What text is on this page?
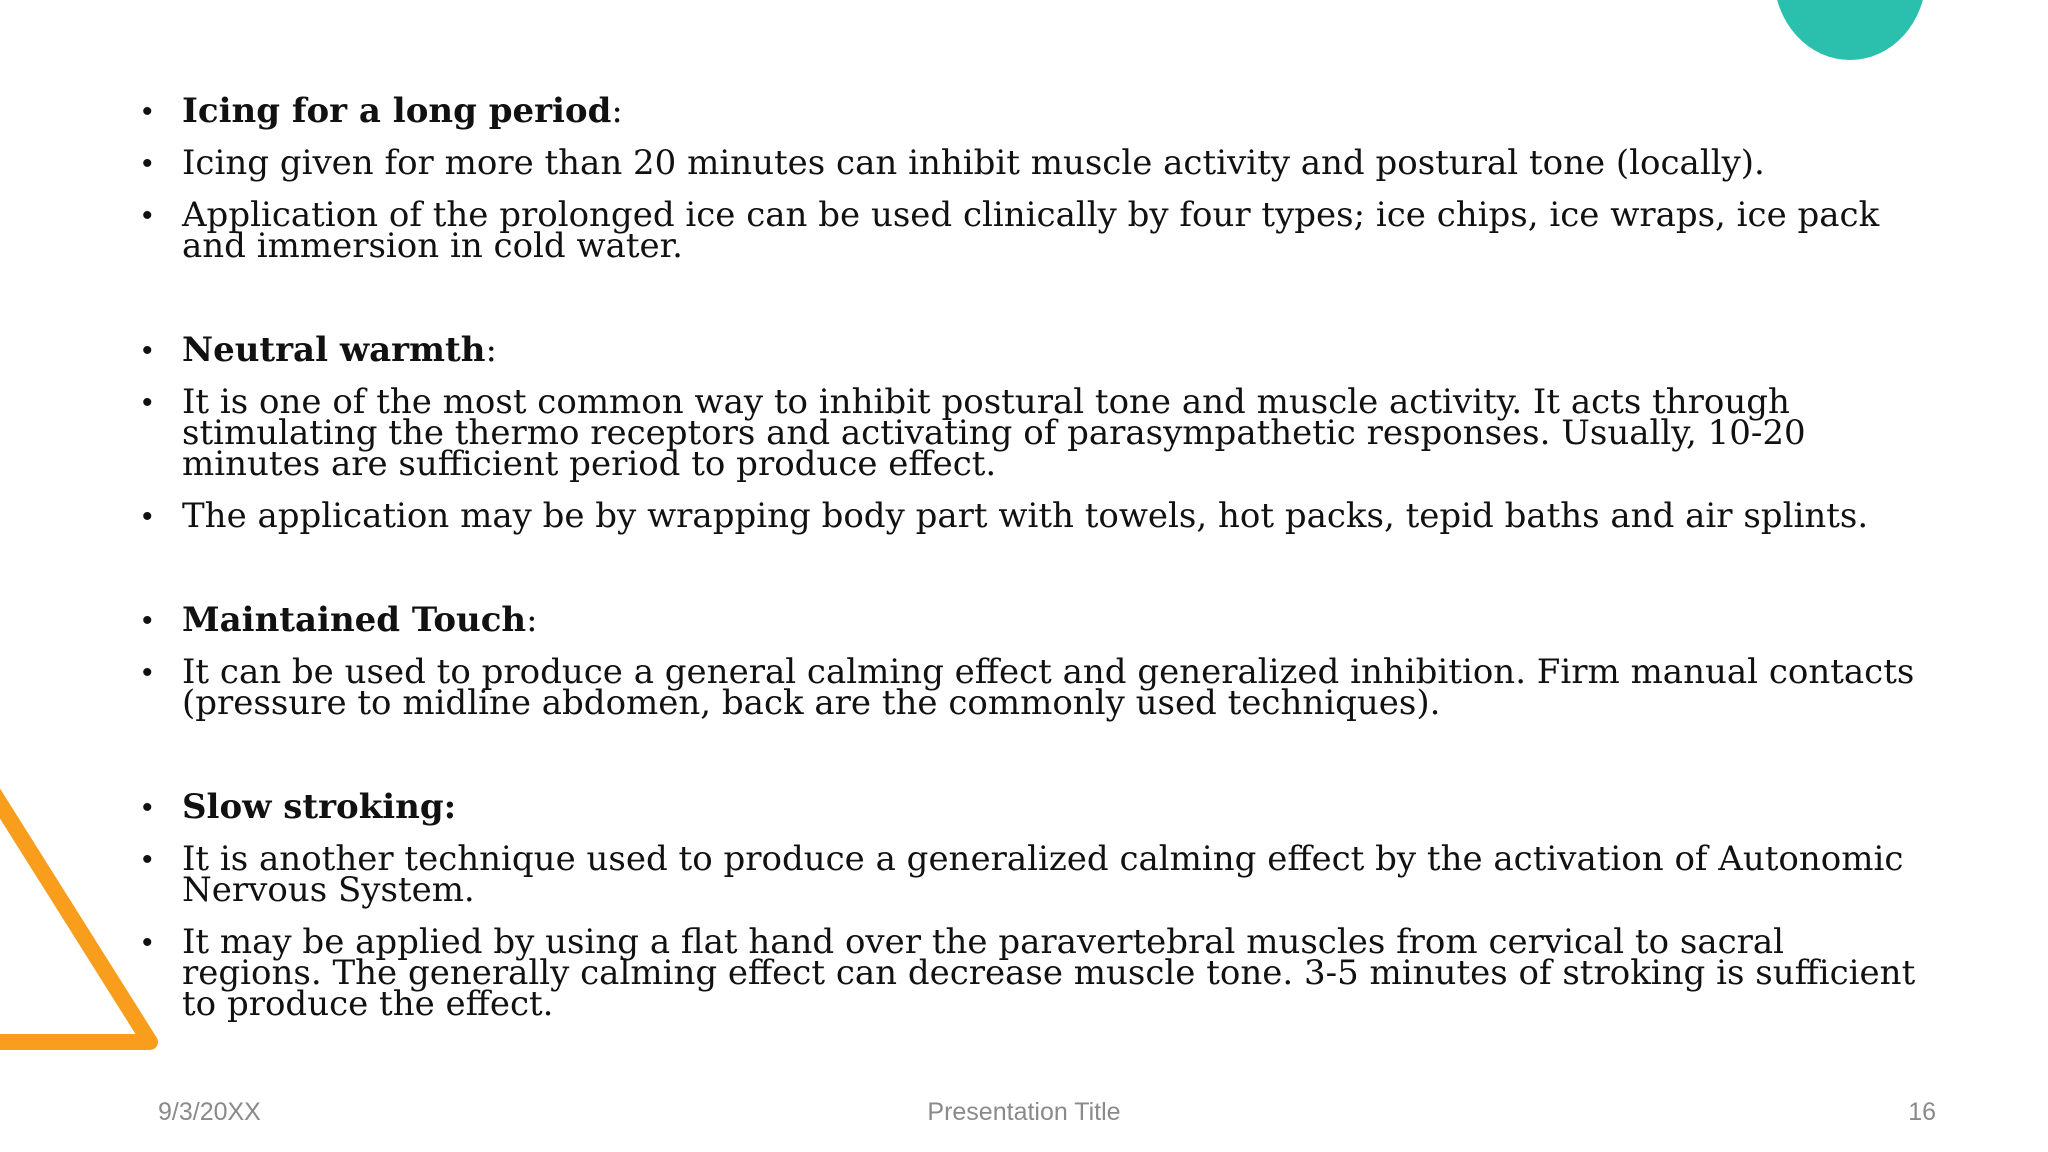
• Icing for a long period:
• Icing given for more than 20 minutes can inhibit muscle activity and postural tone (locally).
• Application of the prolonged ice can be used clinically by four types; ice chips, ice wraps, ice pack and immersion in cold water.
• Neutral warmth:
• It is one of the most common way to inhibit postural tone and muscle activity. It acts through stimulating the thermo receptors and activating of parasympathetic responses. Usually, 10-20 minutes are sufficient period to produce effect.
• The application may be by wrapping body part with towels, hot packs, tepid baths and air splints.
• Maintained Touch:
• It can be used to produce a general calming effect and generalized inhibition. Firm manual contacts (pressure to midline abdomen, back are the commonly used techniques).
• Slow stroking:
• It is another technique used to produce a generalized calming effect by the activation of Autonomic Nervous System.
• It may be applied by using a flat hand over the paravertebral muscles from cervical to sacral regions. The generally calming effect can decrease muscle tone. 3-5 minutes of stroking is sufficient to produce the effect.
9/3/20XX	Presentation Title	16
